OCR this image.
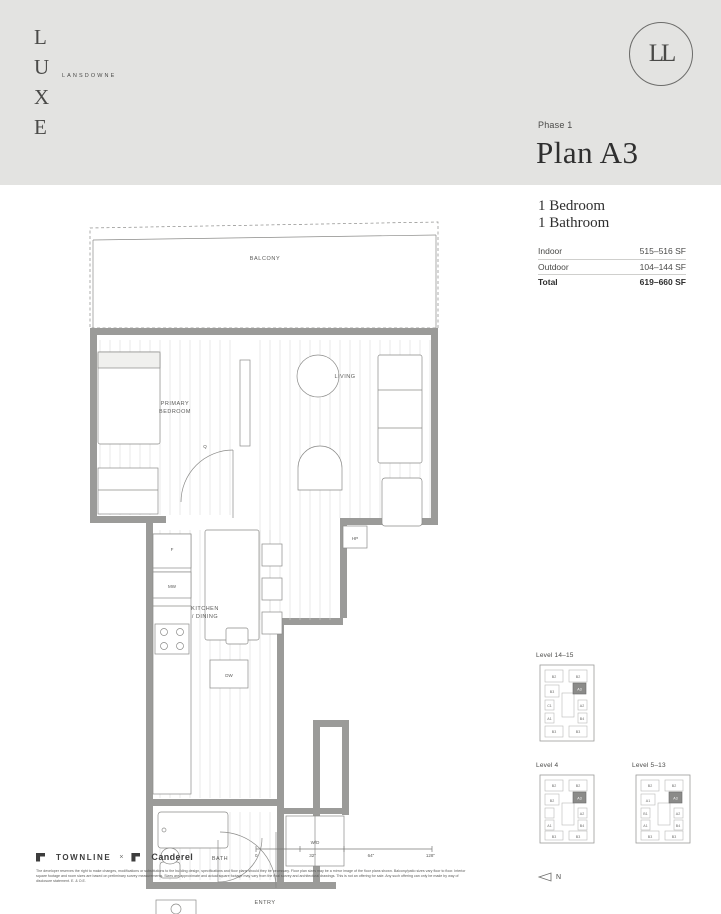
L
U
X
E
LANSDOWNE
LL
Phase 1
Plan A3
1 Bedroom
1 Bathroom
Indoor	515–516 SF
Outdoor	104–144 SF
Total	619–660 SF
BALCONY
PRIMARY
BEDROOM
Q
LIVING
KITCHEN
/ DINING
BATH
ENTRY
F
MW
DW
W/D
HP
Level 14–15
B2	B2
B3
A3
A2
C1
A1	B4
B3	B3
Level 4
B2	B2
B2
A3
A2
A1	B4
B3	B3
Level 5–13
B2	B2
A1
A3
A2
B1
A1	B4
B3	B3
N
0	32"	64"	128"
TOWNLINE ×	Canderel
The developer reserves the right to make changes, modifications or substitutions to the building design, specifications and floor plans should they be necessary. Floor plan sizes may be a mirror image of the floor plans shown. Balcony/patio sizes vary floor to floor. Interior square footage and room sizes are based on preliminary survey measurements. Sizes are approximate and actual square footage may vary from the final survey and architectural drawings. This is not an offering for sale. Any such offering can only be made by way of disclosure statement. E. & O.E.
